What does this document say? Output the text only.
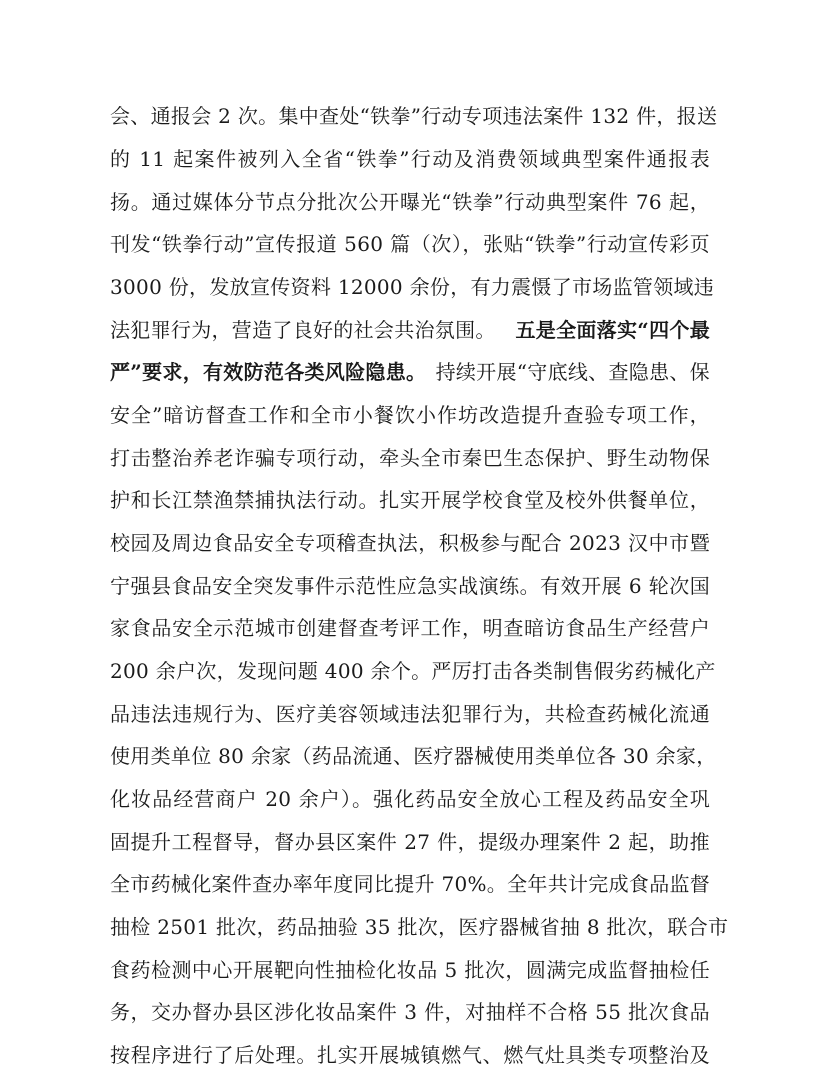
会、通报会 2 次。集中查处“铁拳”行动专项违法案件 132 件，报送
的 11 起案件被列入全省“铁拳”行动及消费领域典型案件通报表
扬。通过媒体分节点分批次公开曝光“铁拳”行动典型案件 76 起，
刊发“铁拳行动”宣传报道 560 篇（次），张贴“铁拳”行动宣传彩页
3000 份，发放宣传资料 12000 余份，有力震慑了市场监管领域违
法犯罪行为，营造了良好的社会共治氛围。 五是全面落实“四个最
严”要求，有效防范各类风险隐患。 持续开展“守底线、查隐患、保
安全”暗访督查工作和全市小餐饮小作坊改造提升查验专项工作，
打击整治养老诈骗专项行动，牵头全市秦巴生态保护、野生动物保
护和长江禁渔禁捕执法行动。扎实开展学校食堂及校外供餐单位，
校园及周边食品安全专项稽查执法，积极参与配合 2023 汉中市暨
宁强县食品安全突发事件示范性应急实战演练。有效开展 6 轮次国
家食品安全示范城市创建督查考评工作，明查暗访食品生产经营户
200 余户次，发现问题 400 余个。严厉打击各类制售假劣药械化产
品违法违规行为、医疗美容领域违法犯罪行为，共检查药械化流通
使用类单位 80 余家（药品流通、医疗器械使用类单位各 30 余家，
化妆品经营商户 20 余户）。强化药品安全放心工程及药品安全巩
固提升工程督导，督办县区案件 27 件，提级办理案件 2 起，助推
全市药械化案件查办率年度同比提升 70%。全年共计完成食品监督
抽检 2501 批次，药品抽验 35 批次，医疗器械省抽 8 批次，联合市
食药检测中心开展靶向性抽检化妆品 5 批次，圆满完成监督抽检任
务，交办督办县区涉化妆品案件 3 件，对抽样不合格 55 批次食品
按程序进行了后处理。扎实开展城镇燃气、燃气灶具类专项整治及
